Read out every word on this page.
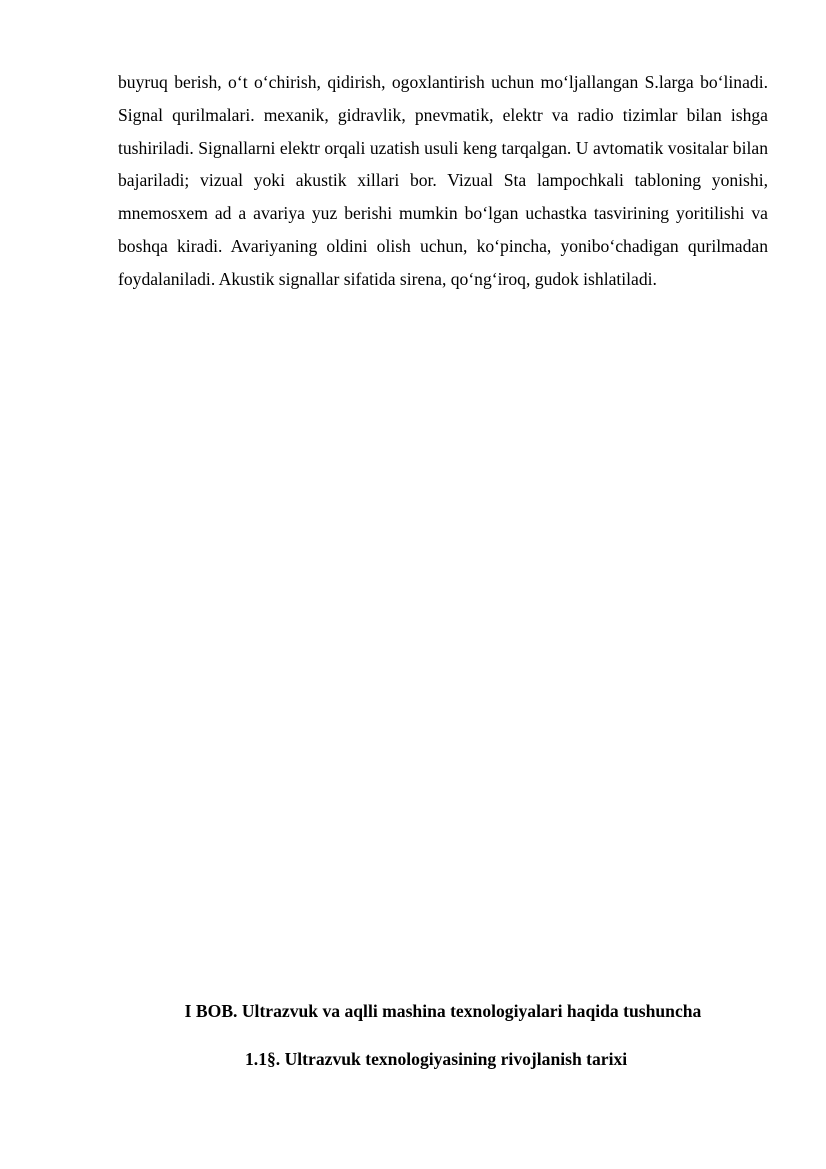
buyruq berish, o‘t o‘chirish, qidirish, ogoxlantirish uchun mo‘ljallangan S.larga bo‘linadi. Signal qurilmalari. mexanik, gidravlik, pnevmatik, elektr va radio tizimlar bilan ishga tushiriladi. Signallarni elektr orqali uzatish usuli keng tarqalgan. U avtomatik vositalar bilan bajariladi; vizual yoki akustik xillari bor. Vizual Sta lampochkali tabloning yonishi, mnemosxem ad a avariya yuz berishi mumkin bo‘lgan uchastka tasvirining yoritilishi va boshqa kiradi. Avariyaning oldini olish uchun, ko‘pincha, yonibo‘chadigan qurilmadan foydalaniladi. Akustik signallar sifatida sirena, qo‘ng‘iroq, gudok ishlatiladi.

I BOB. Ultrazvuk va aqlli mashina texnologiyalari haqida tushuncha
1.1§. Ultrazvuk texnologiyasining rivojlanish tarixi
